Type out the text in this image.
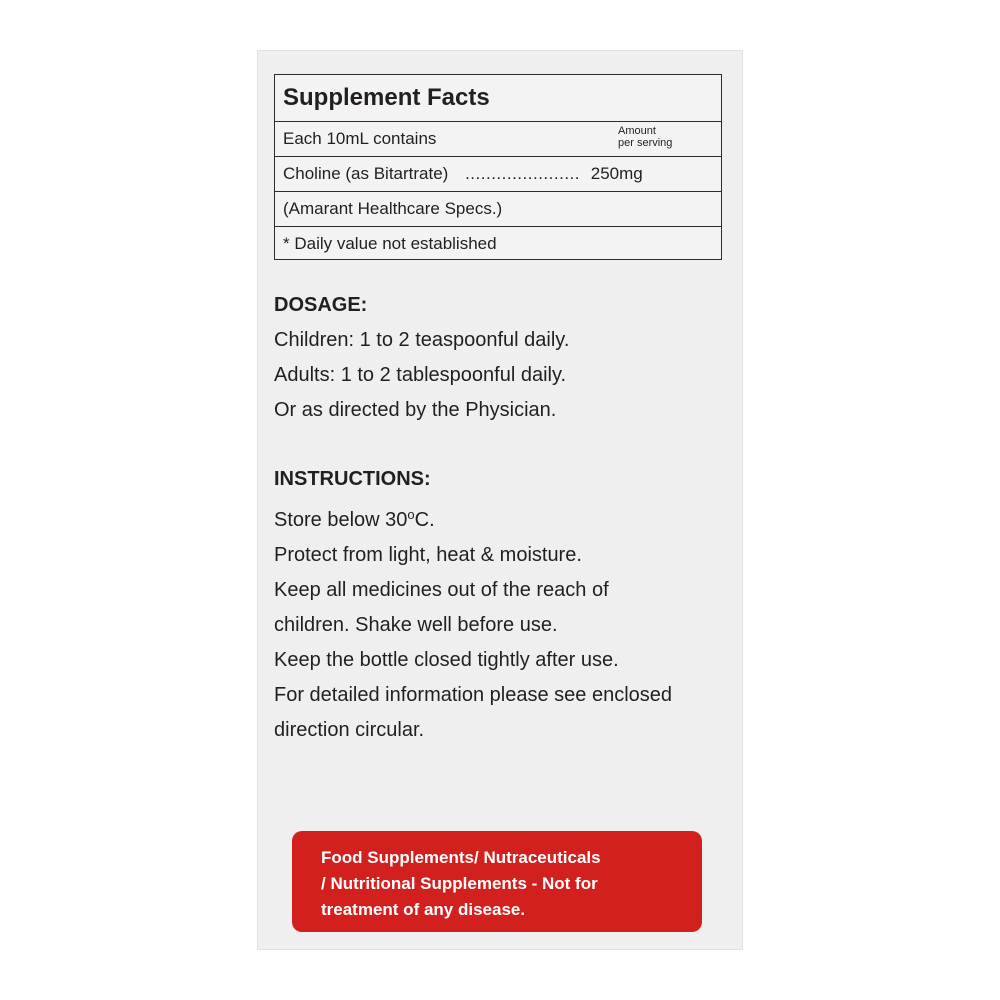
Supplement Facts
Each 10mL contains	Amount
per serving
Choline (as Bitartrate) ...................... 250mg
(Amarant Healthcare Specs.)
* Daily value not established
DOSAGE:

Children: 1 to 2 teaspoonful daily.

Adults: 1 to 2 tablespoonful daily.

Or as directed by the Physician.

INSTRUCTIONS:

Store below 30$^o$C.

Protect from light, heat & moisture.

Keep all medicines out of the reach of

children. Shake well before use.

Keep the bottle closed tightly after use.

For detailed information please see enclosed

direction circular.

Food Supplements/ Nutraceuticals
/ Nutritional Supplements - Not for
treatment of any disease.
